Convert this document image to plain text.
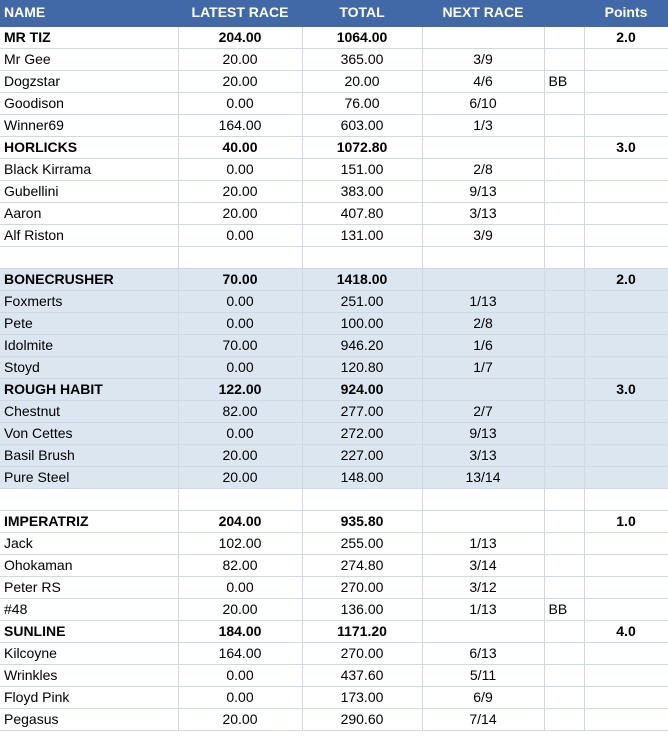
NAME	LATEST RACE	TOTAL	NEXT RACE		Points
MR TIZ	204.00	1064.00			2.0
Mr Gee	20.00	365.00	3/9		
Dogzstar	20.00	20.00	4/6	BB	
Goodison	0.00	76.00	6/10		
Winner69	164.00	603.00	1/3		
HORLICKS	40.00	1072.80			3.0
Black Kirrama	0.00	151.00	2/8		
Gubellini	20.00	383.00	9/13		
Aaron	20.00	407.80	3/13		
Alf Riston	0.00	131.00	3/9		

BONECRUSHER	70.00	1418.00			2.0
Foxmerts	0.00	251.00	1/13		
Pete	0.00	100.00	2/8		
Idolmite	70.00	946.20	1/6		
Stoyd	0.00	120.80	1/7		
ROUGH HABIT	122.00	924.00			3.0
Chestnut	82.00	277.00	2/7		
Von Cettes	0.00	272.00	9/13		
Basil Brush	20.00	227.00	3/13		
Pure Steel	20.00	148.00	13/14		

IMPERATRIZ	204.00	935.80			1.0
Jack	102.00	255.00	1/13		
Ohokaman	82.00	274.80	3/14		
Peter RS	0.00	270.00	3/12		
#48	20.00	136.00	1/13	BB	
SUNLINE	184.00	1171.20			4.0
Kilcoyne	164.00	270.00	6/13		
Wrinkles	0.00	437.60	5/11		
Floyd Pink	0.00	173.00	6/9		
Pegasus	20.00	290.60	7/14		
